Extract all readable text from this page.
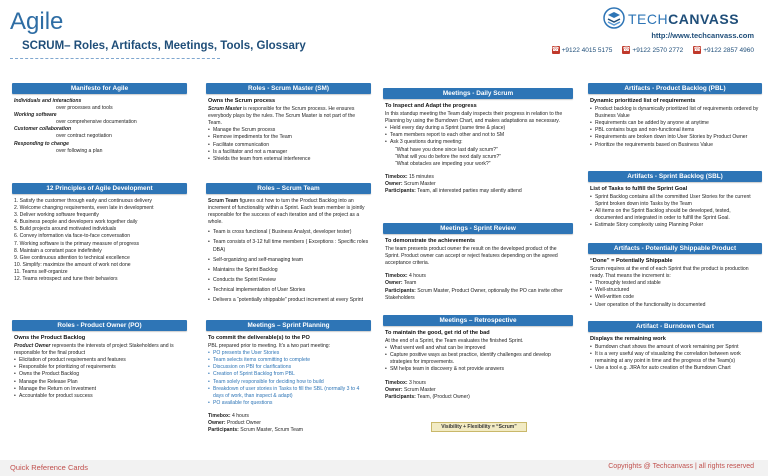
Agile
SCRUM– Roles, Artifacts, Meetings, Tools, Glossary
TECHCANVASS
http://www.techcanvass.com
☎ +9122 4015 5175 ☎ +9122 2570 2772 ☎ +9122 2857 4960
Manifesto for Agile
Individuals and interactions
over processes and tools
Working software
over comprehensive documentation
Customer collaboration
over contract negotiation
Responding to change
over following a plan
12 Principles of Agile Development
1. Satisfy the customer through early and continuous delivery
2. Welcome changing requirements, even late in development
3. Deliver working software frequently
4. Business people and developers work together daily
5. Build projects around motivated individuals
6. Convey information via face-to-face conversation
7. Working software is the primary measure of progress
8. Maintain a constant pace indefinitely
9. Give continuous attention to technical excellence
10. Simplify: maximize the amount of work not done
11. Teams self-organize
12. Teams retrospect and tune their behaviors
Roles - Product Owner (PO)
Owns the Product Backlog
Product Owner represents the interests of project Stakeholders and is responsible for the final product
• Elicitation of product requirements and features
• Responsible for prioritizing of requirements
• Owns the Product Backlog
• Manage the Release Plan
• Manage the Return on Investment
• Accountable for product success
Roles - Scrum Master (SM)
Owns the Scrum process
Scrum Master is responsible for the Scrum process. He ensures everybody plays by the rules. The Scrum Master is not part of the Team.
• Manage the Scrum process
• Remove impediments for the Team
• Facilitate communication
• Is a facilitator and not a manager
• Shields the team from external interference
Roles – Scrum Team
Scrum Team figures out how to turn the Product Backlog into an increment of functionality within a Sprint. Each team member is jointly responsible for the success of each iteration and of the project as a whole.
• Team is cross functional ( Business Analyst, developer tester)
• Team consists of 3-12 full time members ( Exceptions : Specific roles DBA)
• Self-organizing and self-managing team
• Maintains the Sprint Backlog
• Conducts the Sprint Review
• Technical implementation of User Stories
• Delivers a “potentially shippable” product increment at every Sprint
Meetings – Sprint Planning
To commit the deliverable(s) to the PO
PBL prepared prior to meeting. It’s a two part meeting:
• PO presents the User Stories
• Team selects items committing to complete
• Discussion on PBI for clarifications
• Creation of Sprint Backlog from PBL
• Team solely responsible for deciding how to build
• Breakdown of user stories in Tasks to fill the SBL (normally 3 to 4 days of work, than inspect & adapt)
• PO available for questions
Timebox: 4 hours
Owner: Product Owner
Participants: Scrum Master, Scrum Team
Meetings - Daily Scrum
To Inspect and Adapt the progress
In this standup meeting the Team daily inspects their progress in relation to the Planning by using the Burndown Chart, and makes adaptations as necessary.
• Held every day during a Sprint (same time & place)
• Team members report to each other and not to SM
• Ask 3 questions during meeting:
“What have you done since last daily scrum?”
“What will you do before the next daily scrum?”
“What obstacles are impeding your work?”
Timebox: 15 minutes
Owner: Scrum Master
Participants: Team, all interested parties may silently attend
Meetings - Sprint Review
To demonstrate the achievements
The team presents product owner the result on the developed product of the Sprint. Product owner can accept or reject features depending on the agreed acceptance criteria.
Timebox: 4 hours
Owner: Team
Participants: Scrum Master, Product Owner, optionally the PO can invite other Stakeholders
Meetings – Retrospective
To maintain the good, get rid of the bad
At the end of a Sprint, the Team evaluates the finished Sprint.
• What went well and what can be improved
• Capture positive ways as best practice, identify challenges and develop strategies for improvements.
• SM helps team in discovery & not provide answers
Timebox: 3 hours
Owner: Scrum Master
Participants: Team, (Product Owner)
Visibility + Flexibility = “Scrum”
Artifacts - Product Backlog (PBL)
Dynamic prioritized list of requirements
• Product backlog is dynamically prioritized list of requirements ordered by Business Value
• Requirements can be added by anyone at anytime
• PBL contains bugs and non-functional items
• Requirements are broken down into User Stories by Product Owner
• Prioritize the requirements based on Business Value
Artifacts - Sprint Backlog (SBL)
List of Tasks to fulfill the Sprint Goal
• Sprint Backlog contains all the committed User Stories for the current Sprint broken down into Tasks by the Team
• All items on the Sprint Backlog should be developed, tested, documented and integrated in order to fulfill the Sprint Goal.
• Estimate Story complexity using Planning Poker
Artifacts - Potentially Shippable Product
“Done” = Potentially Shippable
Scrum requires at the end of each Sprint that the product is production ready. That means the increment is:
• Thoroughly tested and stable
• Well-structured
• Well-written code
• User operation of the functionality is documented
Artifact - Burndown Chart
Displays the remaining work
• Burndown chart shows the amount of work remaining per Sprint
• It is a very useful way of visualizing the correlation between work remaining at any point in time and the progress of the Team(s)
• Use a tool e.g. JIRA for auto creation of the Burndown Chart
Quick Reference Cards	Copyrights @ Techcanvass | all rights reserved
